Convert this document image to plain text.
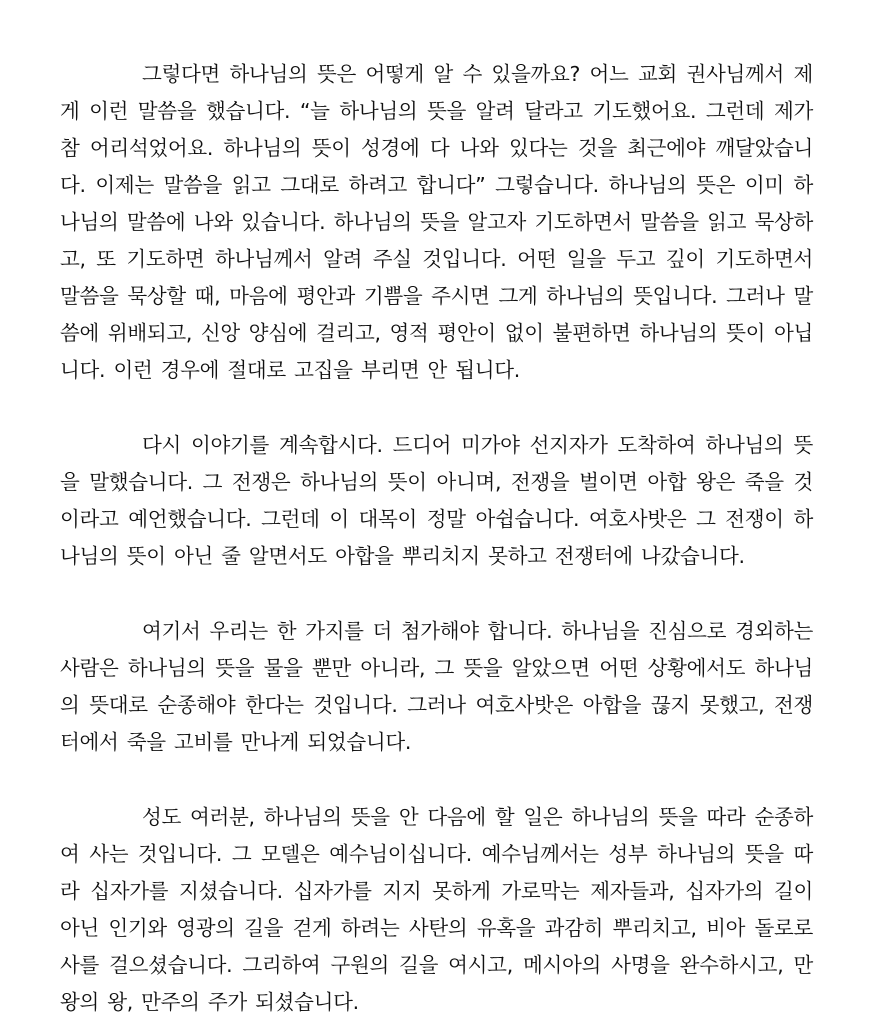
그렇다면 하나님의 뜻은 어떻게 알 수 있을까요? 어느 교회 권사님께서 제게 이런 말씀을 했습니다. “늘 하나님의 뜻을 알려 달라고 기도했어요. 그런데 제가 참 어리석었어요. 하나님의 뜻이 성경에 다 나와 있다는 것을 최근에야 깨달았습니다. 이제는 말씀을 읽고 그대로 하려고 합니다” 그렇습니다. 하나님의 뜻은 이미 하나님의 말씀에 나와 있습니다. 하나님의 뜻을 알고자 기도하면서 말씀을 읽고 묵상하고, 또 기도하면 하나님께서 알려 주실 것입니다. 어떤 일을 두고 깊이 기도하면서 말씀을 묵상할 때, 마음에 평안과 기쁨을 주시면 그게 하나님의 뜻입니다. 그러나 말씀에 위배되고, 신앙 양심에 걸리고, 영적 평안이 없이 불편하면 하나님의 뜻이 아닙니다. 이런 경우에 절대로 고집을 부리면 안 됩니다.

다시 이야기를 계속합시다. 드디어 미가야 선지자가 도착하여 하나님의 뜻을 말했습니다. 그 전쟁은 하나님의 뜻이 아니며, 전쟁을 벌이면 아합 왕은 죽을 것이라고 예언했습니다. 그런데 이 대목이 정말 아쉽습니다. 여호사밧은 그 전쟁이 하나님의 뜻이 아닌 줄 알면서도 아합을 뿌리치지 못하고 전쟁터에 나갔습니다.

여기서 우리는 한 가지를 더 첨가해야 합니다. 하나님을 진심으로 경외하는 사람은 하나님의 뜻을 물을 뿐만 아니라, 그 뜻을 알았으면 어떤 상황에서도 하나님의 뜻대로 순종해야 한다는 것입니다. 그러나 여호사밧은 아합을 끊지 못했고, 전쟁터에서 죽을 고비를 만나게 되었습니다.

성도 여러분, 하나님의 뜻을 안 다음에 할 일은 하나님의 뜻을 따라 순종하여 사는 것입니다. 그 모델은 예수님이십니다. 예수님께서는 성부 하나님의 뜻을 따라 십자가를 지셨습니다. 십자가를 지지 못하게 가로막는 제자들과, 십자가의 길이 아닌 인기와 영광의 길을 걷게 하려는 사탄의 유혹을 과감히 뿌리치고, 비아 돌로로사를 걸으셨습니다. 그리하여 구원의 길을 여시고, 메시아의 사명을 완수하시고, 만왕의 왕, 만주의 주가 되셨습니다.
